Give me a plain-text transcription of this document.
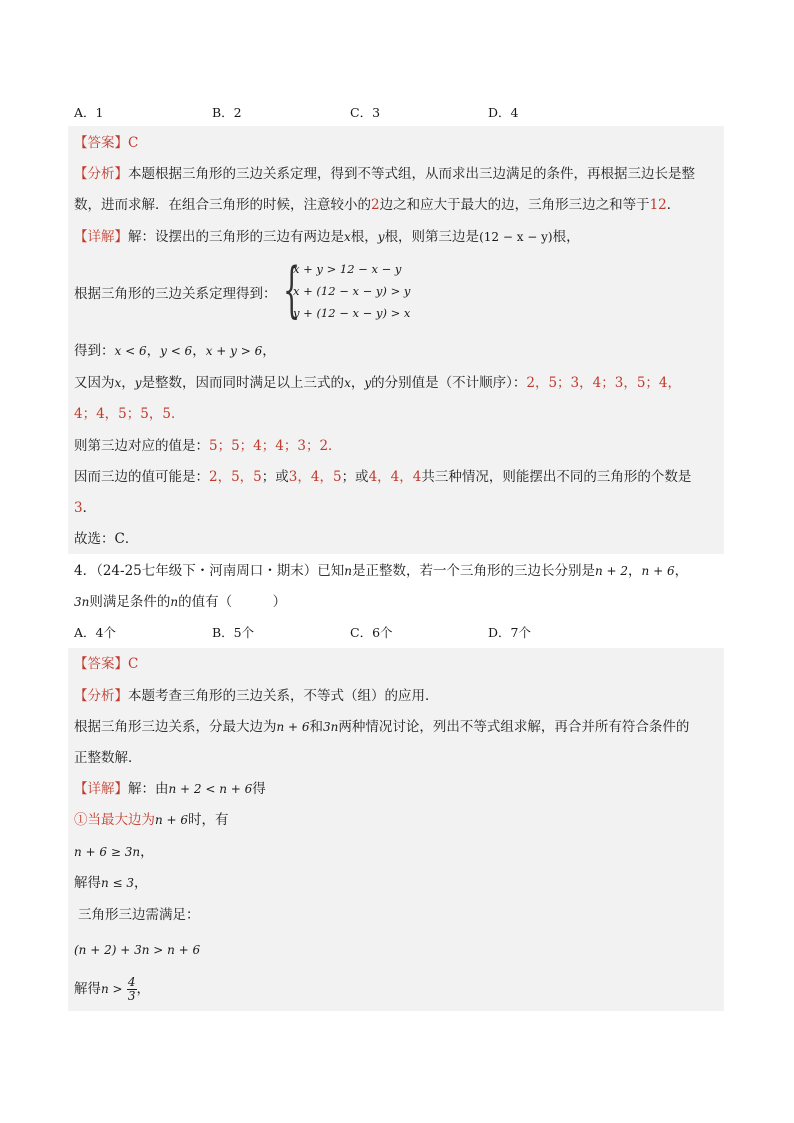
A．1	B．2	C．3	D．4
【答案】C
【分析】本题根据三角形的三边关系定理，得到不等式组，从而求出三边满足的条件，再根据三边长是整
数，进而求解．在组合三角形的时候，注意较小的2边之和应大于最大的边，三角形三边之和等于12．
【详解】解：设摆出的三角形的三边有两边是x根，y根，则第三边是(12 − x − y)根，
根据三角形的三边关系定理得到： {
x + y > 12 − x − y
x + (12 − x − y) > y
y + (12 − x − y) > x
得到：x < 6，y < 6，x + y > 6，
又因为x，y是整数，因而同时满足以上三式的x，y的分别值是（不计顺序）：2，5；3，4；3，5；4，
4；4，5；5，5．
则第三边对应的值是：5；5；4；4；3；2．
因而三边的值可能是：2，5，5；或3，4，5；或4，4，4共三种情况，则能摆出不同的三角形的个数是
3．
故选：C．
4．（24-25七年级下・河南周口・期末）已知n是正整数，若一个三角形的三边长分别是n + 2，n + 6，
3n则满足条件的n的值有（　　　）
A．4个	B．5个	C．6个	D．7个
【答案】C
【分析】本题考查三角形的三边关系，不等式（组）的应用．
根据三角形三边关系，分最大边为n + 6和3n两种情况讨论，列出不等式组求解，再合并所有符合条件的
正整数解．
【详解】解：由n + 2 < n + 6得
①当最大边为n + 6时，有
n + 6 ≥ 3n，
解得n ≤ 3，
三角形三边需满足：
(n + 2) + 3n > n + 6
解得$n > \frac{4}{3}$ ，
